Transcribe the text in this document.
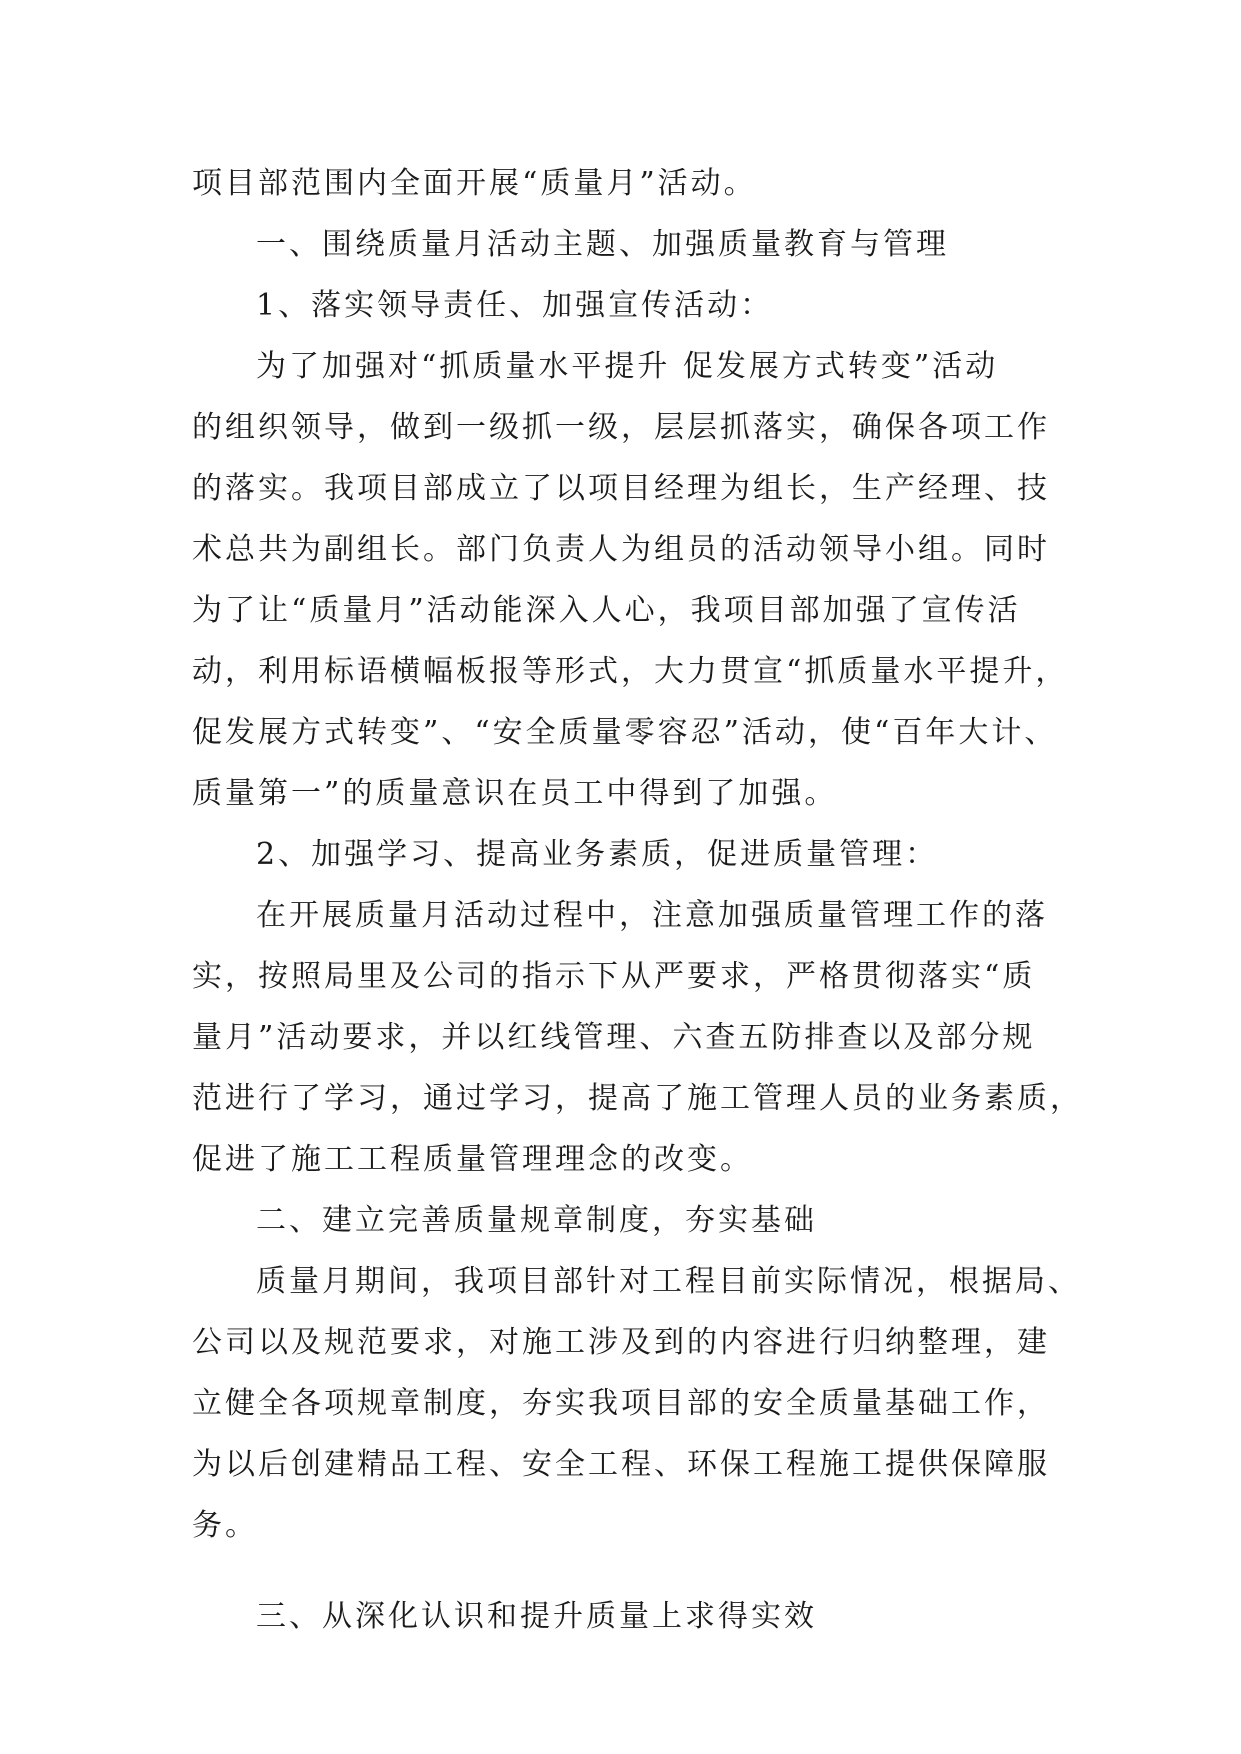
项目部范围内全面开展“质量月”活动。
一、围绕质量月活动主题、加强质量教育与管理
1、落实领导责任、加强宣传活动：
为了加强对“抓质量水平提升 促发展方式转变”活动
的组织领导，做到一级抓一级，层层抓落实，确保各项工作
的落实。我项目部成立了以项目经理为组长，生产经理、技
术总共为副组长。部门负责人为组员的活动领导小组。同时
为了让“质量月”活动能深入人心，我项目部加强了宣传活
动，利用标语横幅板报等形式，大力贯宣“抓质量水平提升，
促发展方式转变”、“安全质量零容忍”活动，使“百年大计、
质量第一”的质量意识在员工中得到了加强。
2、加强学习、提高业务素质，促进质量管理：
在开展质量月活动过程中，注意加强质量管理工作的落
实，按照局里及公司的指示下从严要求，严格贯彻落实“质
量月”活动要求，并以红线管理、六查五防排查以及部分规
范进行了学习，通过学习，提高了施工管理人员的业务素质，
促进了施工工程质量管理理念的改变。
二、建立完善质量规章制度，夯实基础
质量月期间，我项目部针对工程目前实际情况，根据局、
公司以及规范要求，对施工涉及到的内容进行归纳整理，建
立健全各项规章制度，夯实我项目部的安全质量基础工作，
为以后创建精品工程、安全工程、环保工程施工提供保障服
务。
三、从深化认识和提升质量上求得实效
